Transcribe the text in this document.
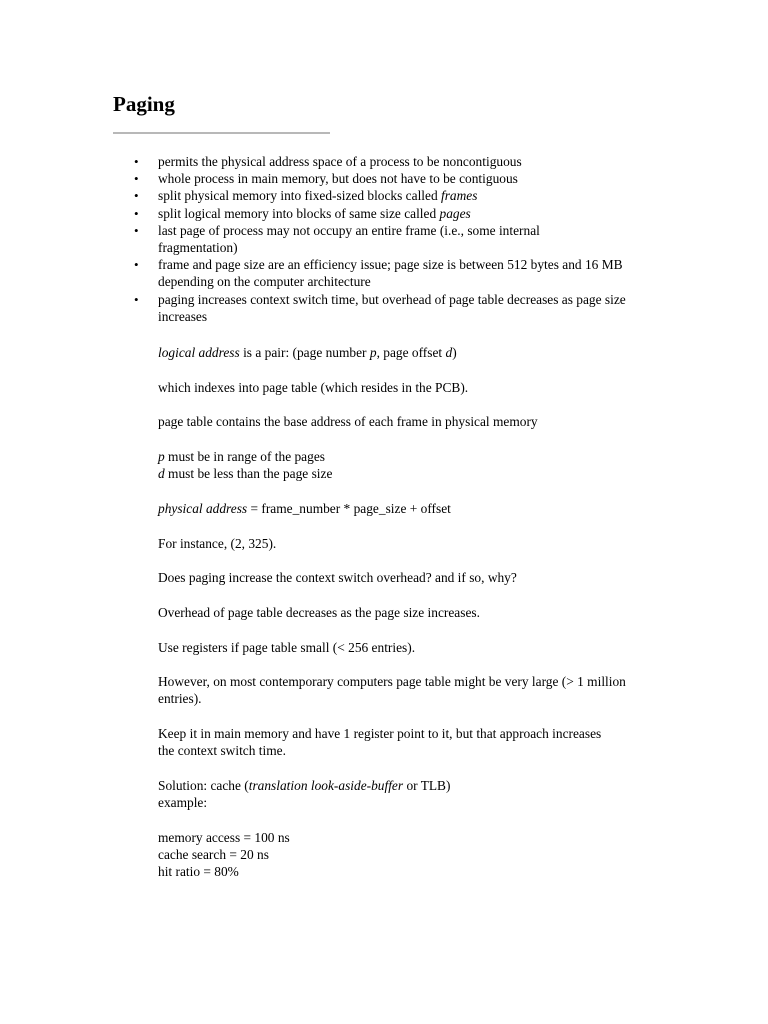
Paging
• permits the physical address space of a process to be noncontiguous
• whole process in main memory, but does not have to be contiguous
• split physical memory into fixed-sized blocks called frames
• split logical memory into blocks of same size called pages
• last page of process may not occupy an entire frame (i.e., some internal fragmentation)
• frame and page size are an efficiency issue; page size is between 512 bytes and 16 MB depending on the computer architecture
• paging increases context switch time, but overhead of page table decreases as page size increases

logical address is a pair: (page number p, page offset d)

which indexes into page table (which resides in the PCB).

page table contains the base address of each frame in physical memory

p must be in range of the pages

d must be less than the page size

physical address = frame_number * page_size + offset

For instance, (2, 325).

Does paging increase the context switch overhead? and if so, why?

Overhead of page table decreases as the page size increases.

Use registers if page table small (< 256 entries).

However, on most contemporary computers page table might be very large (> 1 million entries).

Keep it in main memory and have 1 register point to it, but that approach increases the context switch time.

Solution: cache (translation look-aside-buffer or TLB)

example:

memory access = 100 ns

cache search = 20 ns

hit ratio = 80%
